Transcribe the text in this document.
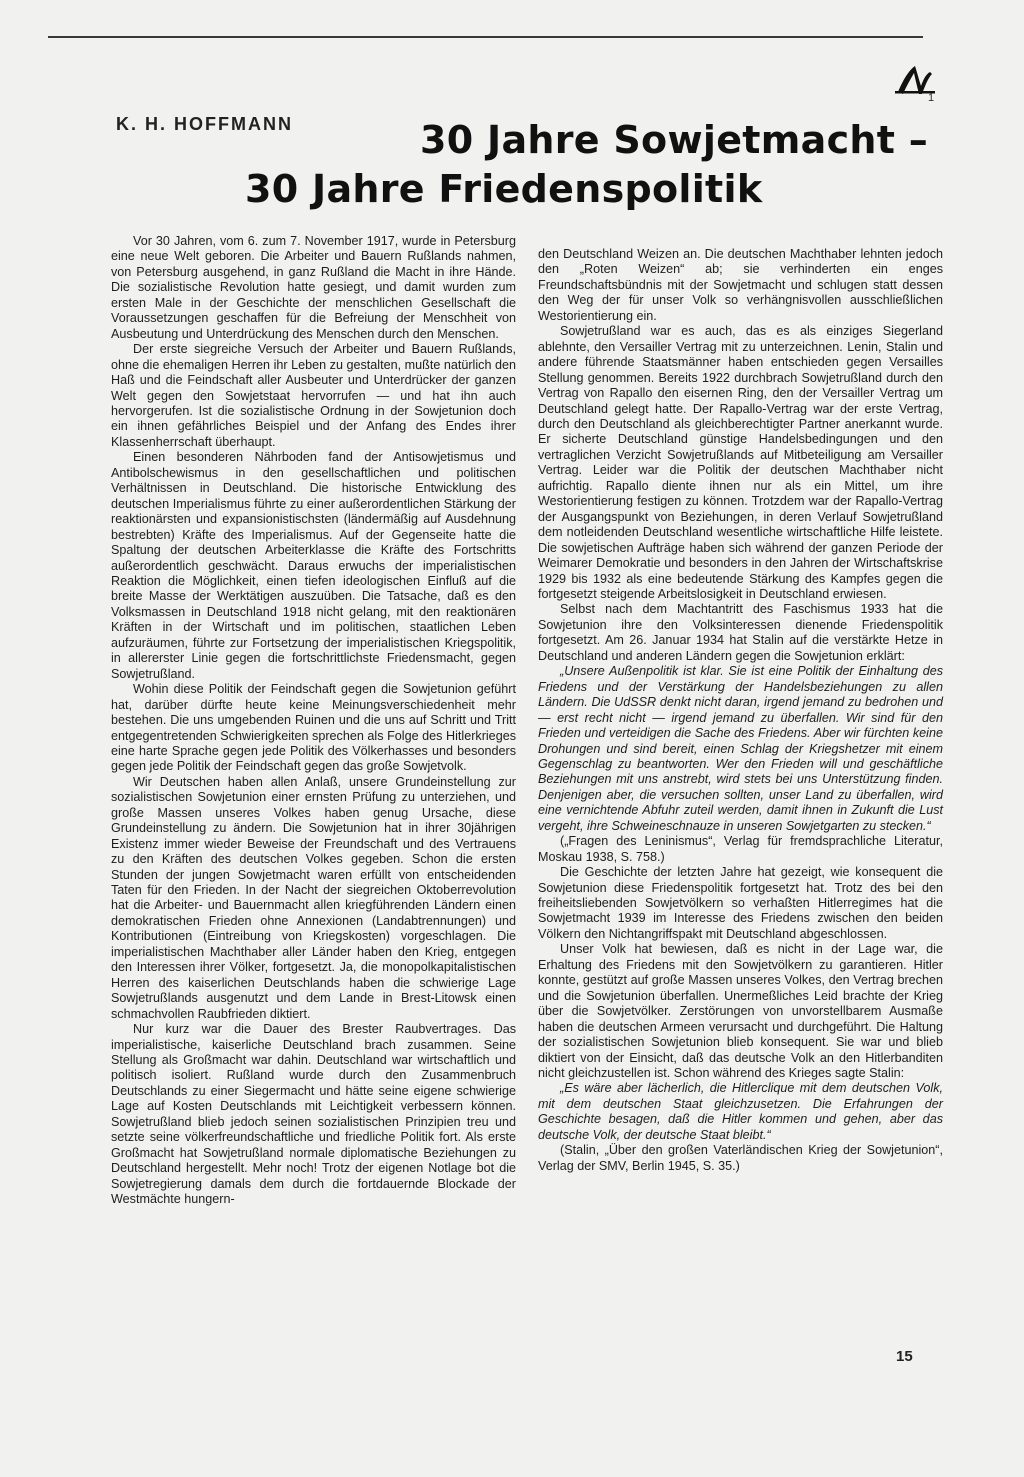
1
K. H. HOFFMANN	30 Jahre Sowjetmacht –
30 Jahre Friedenspolitik

Vor 30 Jahren, vom 6. zum 7. November 1917, wurde in Petersburg eine neue Welt geboren. Die Arbeiter und Bauern Rußlands nahmen, von Petersburg ausgehend, in ganz Rußland die Macht in ihre Hände. Die sozialistische Revolution hatte gesiegt, und damit wurden zum ersten Male in der Geschichte der menschlichen Gesellschaft die Voraussetzungen geschaffen für die Befreiung der Menschheit von Ausbeutung und Unterdrückung des Menschen durch den Menschen.

Der erste siegreiche Versuch der Arbeiter und Bauern Rußlands, ohne die ehemaligen Herren ihr Leben zu gestalten, mußte natürlich den Haß und die Feindschaft aller Ausbeuter und Unterdrücker der ganzen Welt gegen den Sowjetstaat hervorrufen — und hat ihn auch hervorgerufen. Ist die sozialistische Ordnung in der Sowjetunion doch ein ihnen gefährliches Beispiel und der Anfang des Endes ihrer Klassenherrschaft überhaupt.

Einen besonderen Nährboden fand der Antisowjetismus und Antibolschewismus in den gesellschaftlichen und politischen Verhältnissen in Deutschland. Die historische Entwicklung des deutschen Imperialismus führte zu einer außerordentlichen Stärkung der reaktionärsten und expansionistischsten (ländermäßig auf Ausdehnung bestrebten) Kräfte des Imperialismus. Auf der Gegenseite hatte die Spaltung der deutschen Arbeiterklasse die Kräfte des Fortschritts außerordentlich geschwächt. Daraus erwuchs der imperialistischen Reaktion die Möglichkeit, einen tiefen ideologischen Einfluß auf die breite Masse der Werktätigen auszuüben. Die Tatsache, daß es den Volksmassen in Deutschland 1918 nicht gelang, mit den reaktionären Kräften in der Wirtschaft und im politischen, staatlichen Leben aufzuräumen, führte zur Fortsetzung der imperialistischen Kriegspolitik, in allererster Linie gegen die fortschrittlichste Friedensmacht, gegen Sowjetrußland.

Wohin diese Politik der Feindschaft gegen die Sowjetunion geführt hat, darüber dürfte heute keine Meinungsverschiedenheit mehr bestehen. Die uns umgebenden Ruinen und die uns auf Schritt und Tritt entgegentretenden Schwierigkeiten sprechen als Folge des Hitlerkrieges eine harte Sprache gegen jede Politik des Völkerhasses und besonders gegen jede Politik der Feindschaft gegen das große Sowjetvolk.

Wir Deutschen haben allen Anlaß, unsere Grundeinstellung zur sozialistischen Sowjetunion einer ernsten Prüfung zu unterziehen, und große Massen unseres Volkes haben genug Ursache, diese Grundeinstellung zu ändern. Die Sowjetunion hat in ihrer 30jährigen Existenz immer wieder Beweise der Freundschaft und des Vertrauens zu den Kräften des deutschen Volkes gegeben. Schon die ersten Stunden der jungen Sowjetmacht waren erfüllt von entscheidenden Taten für den Frieden. In der Nacht der siegreichen Oktoberrevolution hat die Arbeiter- und Bauernmacht allen kriegführenden Ländern einen demokratischen Frieden ohne Annexionen (Landabtrennungen) und Kontributionen (Eintreibung von Kriegskosten) vorgeschlagen. Die imperialistischen Machthaber aller Länder haben den Krieg, entgegen den Interessen ihrer Völker, fortgesetzt. Ja, die monopolkapitalistischen Herren des kaiserlichen Deutschlands haben die schwierige Lage Sowjetrußlands ausgenutzt und dem Lande in Brest-Litowsk einen schmachvollen Raubfrieden diktiert.

Nur kurz war die Dauer des Brester Raubvertrages. Das imperialistische, kaiserliche Deutschland brach zusammen. Seine Stellung als Großmacht war dahin. Deutschland war wirtschaftlich und politisch isoliert. Rußland wurde durch den Zusammenbruch Deutschlands zu einer Siegermacht und hätte seine eigene schwierige Lage auf Kosten Deutschlands mit Leichtigkeit verbessern können. Sowjetrußland blieb jedoch seinen sozialistischen Prinzipien treu und setzte seine völkerfreundschaftliche und friedliche Politik fort. Als erste Großmacht hat Sowjetrußland normale diplomatische Beziehungen zu Deutschland hergestellt. Mehr noch! Trotz der eigenen Notlage bot die Sowjetregierung damals dem durch die fortdauernde Blockade der Westmächte hungern-

den Deutschland Weizen an. Die deutschen Machthaber lehnten jedoch den „Roten Weizen“ ab; sie verhinderten ein enges Freundschaftsbündnis mit der Sowjetmacht und schlugen statt dessen den Weg der für unser Volk so verhängnisvollen ausschließlichen Westorientierung ein.

Sowjetrußland war es auch, das es als einziges Siegerland ablehnte, den Versailler Vertrag mit zu unterzeichnen. Lenin, Stalin und andere führende Staatsmänner haben entschieden gegen Versailles Stellung genommen. Bereits 1922 durchbrach Sowjetrußland durch den Vertrag von Rapallo den eisernen Ring, den der Versailler Vertrag um Deutschland gelegt hatte. Der Rapallo-Vertrag war der erste Vertrag, durch den Deutschland als gleichberechtigter Partner anerkannt wurde. Er sicherte Deutschland günstige Handelsbedingungen und den vertraglichen Verzicht Sowjetrußlands auf Mitbeteiligung am Versailler Vertrag. Leider war die Politik der deutschen Machthaber nicht aufrichtig. Rapallo diente ihnen nur als ein Mittel, um ihre Westorientierung festigen zu können. Trotzdem war der Rapallo-Vertrag der Ausgangspunkt von Beziehungen, in deren Verlauf Sowjetrußland dem notleidenden Deutschland wesentliche wirtschaftliche Hilfe leistete. Die sowjetischen Aufträge haben sich während der ganzen Periode der Weimarer Demokratie und besonders in den Jahren der Wirtschaftskrise 1929 bis 1932 als eine bedeutende Stärkung des Kampfes gegen die fortgesetzt steigende Arbeitslosigkeit in Deutschland erwiesen.

Selbst nach dem Machtantritt des Faschismus 1933 hat die Sowjetunion ihre den Volksinteressen dienende Friedenspolitik fortgesetzt. Am 26. Januar 1934 hat Stalin auf die verstärkte Hetze in Deutschland und anderen Ländern gegen die Sowjetunion erklärt:

„Unsere Außenpolitik ist klar. Sie ist eine Politik der Einhaltung des Friedens und der Verstärkung der Handelsbeziehungen zu allen Ländern. Die UdSSR denkt nicht daran, irgend jemand zu bedrohen und — erst recht nicht — irgend jemand zu überfallen. Wir sind für den Frieden und verteidigen die Sache des Friedens. Aber wir fürchten keine Drohungen und sind bereit, einen Schlag der Kriegshetzer mit einem Gegenschlag zu beantworten. Wer den Frieden will und geschäftliche Beziehungen mit uns anstrebt, wird stets bei uns Unterstützung finden. Denjenigen aber, die versuchen sollten, unser Land zu überfallen, wird eine vernichtende Abfuhr zuteil werden, damit ihnen in Zukunft die Lust vergeht, ihre Schweineschnauze in unseren Sowjetgarten zu stecken.“

(„Fragen des Leninismus“, Verlag für fremdsprachliche Literatur, Moskau 1938, S. 758.)

Die Geschichte der letzten Jahre hat gezeigt, wie konsequent die Sowjetunion diese Friedenspolitik fortgesetzt hat. Trotz des bei den freiheitsliebenden Sowjetvölkern so verhaßten Hitlerregimes hat die Sowjetmacht 1939 im Interesse des Friedens zwischen den beiden Völkern den Nichtangriffspakt mit Deutschland abgeschlossen.

Unser Volk hat bewiesen, daß es nicht in der Lage war, die Erhaltung des Friedens mit den Sowjetvölkern zu garantieren. Hitler konnte, gestützt auf große Massen unseres Volkes, den Vertrag brechen und die Sowjetunion überfallen. Unermeßliches Leid brachte der Krieg über die Sowjetvölker. Zerstörungen von unvorstellbarem Ausmaße haben die deutschen Armeen verursacht und durchgeführt. Die Haltung der sozialistischen Sowjetunion blieb konsequent. Sie war und blieb diktiert von der Einsicht, daß das deutsche Volk an den Hitlerbanditen nicht gleichzustellen ist. Schon während des Krieges sagte Stalin:

„Es wäre aber lächerlich, die Hitlerclique mit dem deutschen Volk, mit dem deutschen Staat gleichzusetzen. Die Erfahrungen der Geschichte besagen, daß die Hitler kommen und gehen, aber das deutsche Volk, der deutsche Staat bleibt.“

(Stalin, „Über den großen Vaterländischen Krieg der Sowjetunion“, Verlag der SMV, Berlin 1945, S. 35.)

15
